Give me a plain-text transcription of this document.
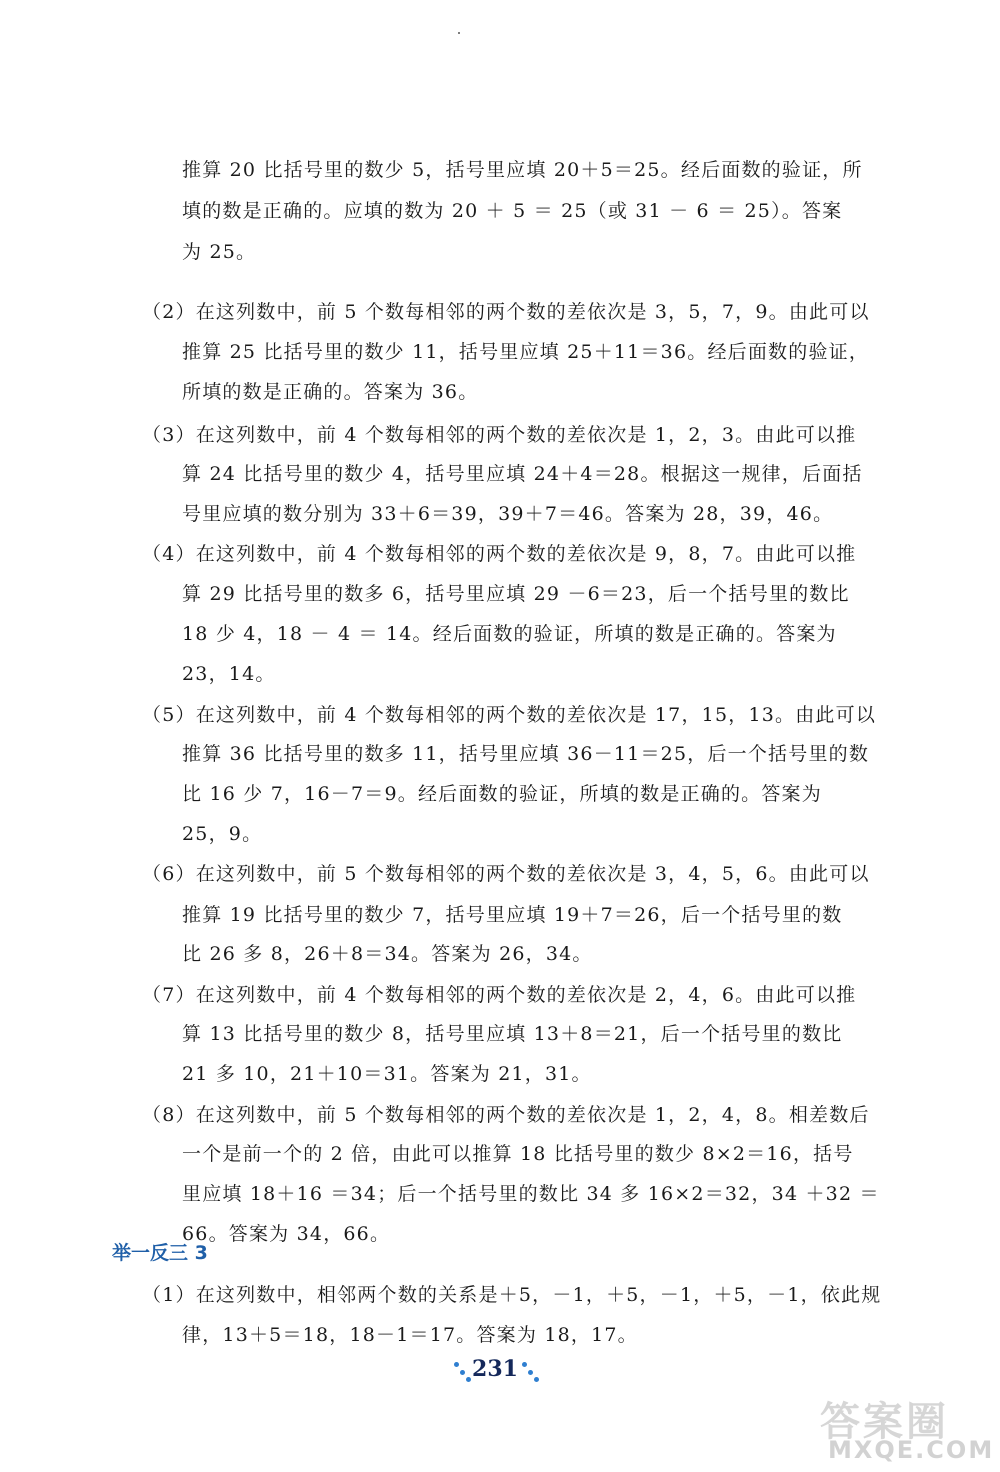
推算 20 比括号里的数少 5，括号里应填 20＋5＝25。经后面数的验证，所
填的数是正确的。应填的数为 20 ＋ 5 ＝ 25（或 31 － 6 ＝ 25）。答案
为 25。
（2）在这列数中，前 5 个数每相邻的两个数的差依次是 3，5，7，9。由此可以
推算 25 比括号里的数少 11，括号里应填 25＋11＝36。经后面数的验证，
所填的数是正确的。答案为 36。
（3）在这列数中，前 4 个数每相邻的两个数的差依次是 1，2，3。由此可以推
算 24 比括号里的数少 4，括号里应填 24＋4＝28。根据这一规律，后面括
号里应填的数分别为 33＋6＝39，39＋7＝46。答案为 28，39，46。
（4）在这列数中，前 4 个数每相邻的两个数的差依次是 9，8，7。由此可以推
算 29 比括号里的数多 6，括号里应填 29 －6＝23，后一个括号里的数比
18 少 4，18 － 4 ＝ 14。经后面数的验证，所填的数是正确的。答案为
23，14。
（5）在这列数中，前 4 个数每相邻的两个数的差依次是 17，15，13。由此可以
推算 36 比括号里的数多 11，括号里应填 36－11＝25，后一个括号里的数
比 16 少 7，16－7＝9。经后面数的验证，所填的数是正确的。答案为
25，9。
（6）在这列数中，前 5 个数每相邻的两个数的差依次是 3，4，5，6。由此可以
推算 19 比括号里的数少 7，括号里应填 19＋7＝26，后一个括号里的数
比 26 多 8，26＋8＝34。答案为 26，34。
（7）在这列数中，前 4 个数每相邻的两个数的差依次是 2，4，6。由此可以推
算 13 比括号里的数少 8，括号里应填 13＋8＝21，后一个括号里的数比
21 多 10，21＋10＝31。答案为 21，31。
（8）在这列数中，前 5 个数每相邻的两个数的差依次是 1，2，4，8。相差数后
一个是前一个的 2 倍，由此可以推算 18 比括号里的数少 8×2＝16，括号
里应填 18＋16 ＝34；后一个括号里的数比 34 多 16×2＝32，34 ＋32 ＝
66。答案为 34，66。
举一反三 3
（1）在这列数中，相邻两个数的关系是＋5，－1，＋5，－1，＋5，－1，依此规
律，13＋5＝18，18－1＝17。答案为 18，17。
231
答案圈
MXQE.COM
